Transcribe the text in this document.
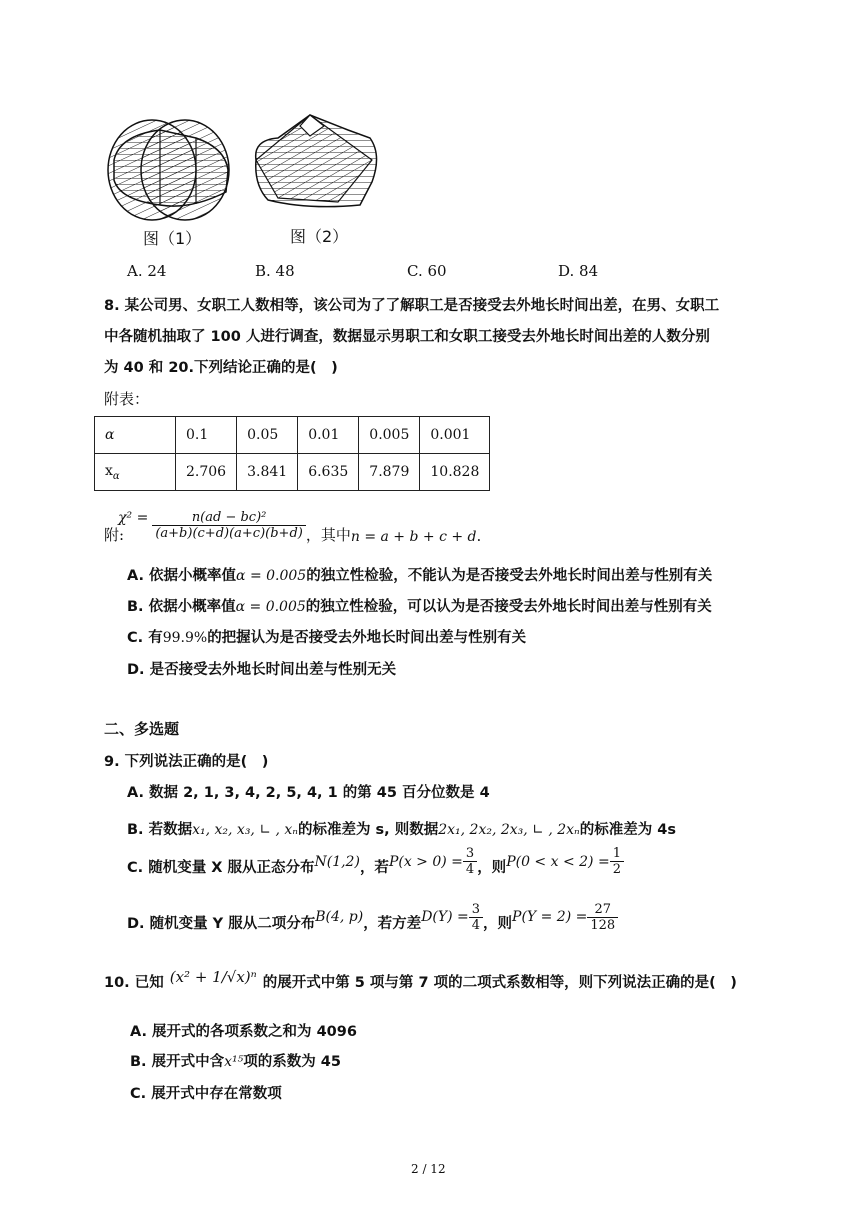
图（1）	图（2）
A. 24	B. 48	C. 60	D. 84
8. 某公司男、女职工人数相等，该公司为了了解职工是否接受去外地长时间出差，在男、女职工
中各随机抽取了 100 人进行调查，数据显示男职工和女职工接受去外地长时间出差的人数分别
为 40 和 20.下列结论正确的是(　)
附表：
α	0.1	0.05	0.01	0.005	0.001
$x_\alpha$	2.706	3.841	6.635	7.879	10.828
附:
$\chi^2 = \frac{\text{n(ad − bc)²}}{(a+b)(c+d)(a+c)(b+d)}$ ，其中 n = a + b + c + d .
A. 依据小概率值α = 0.005的独立性检验，不能认为是否接受去外地长时间出差与性别有关
B. 依据小概率值α = 0.005的独立性检验，可以认为是否接受去外地长时间出差与性别有关
C. 有99.9%的把握认为是否接受去外地长时间出差与性别有关
D. 是否接受去外地长时间出差与性别无关
二、多选题
9. 下列说法正确的是(　)
A. 数据 2, 1, 3, 4, 2, 5, 4, 1 的第 45 百分位数是 4
B. 若数据x₁, x₂, x₃, ∟ , xₙ的标准差为 s, 则数据2x₁, 2x₂, 2x₃, ∟ , 2xₙ的标准差为 4s
C. 随机变量 X 服从正态分布 N(1,2) ，若 $P(x > 0) = \frac{3}{4}$ ，则 $P(0 < x < 2) = \frac{1}{2}$
D. 随机变量 Y 服从二项分布 B(4, p) ，若方差 $D(Y) = \frac{3}{4}$ ，则 $P(Y = 2) = \frac{27}{128}$
10. 已知 (x² + 1/√x)ⁿ 的展开式中第 5 项与第 7 项的二项式系数相等，则下列说法正确的是(　)
A. 展开式的各项系数之和为 4096
B. 展开式中含x¹⁵项的系数为 45
C. 展开式中存在常数项
2 / 12
